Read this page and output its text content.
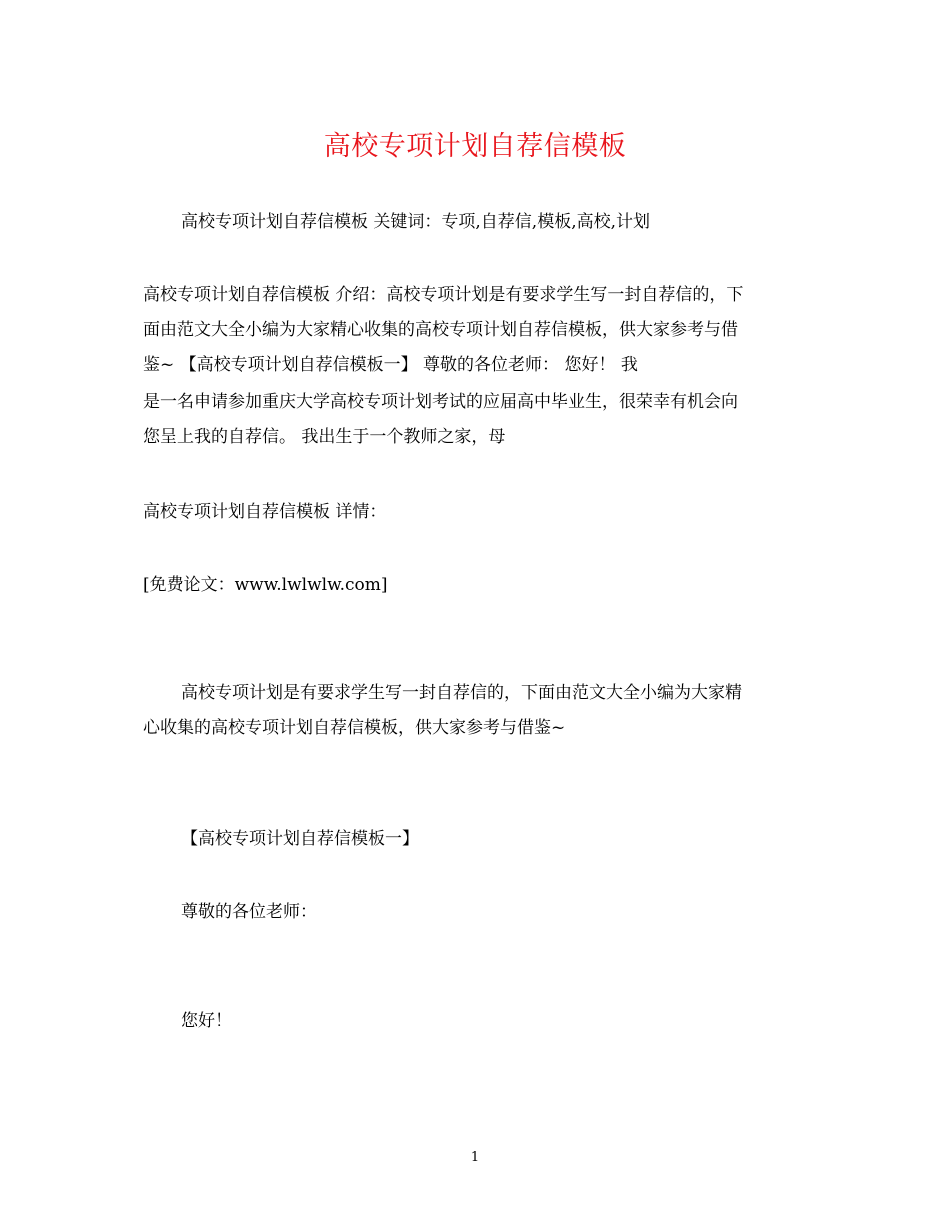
高校专项计划自荐信模板
高校专项计划自荐信模板 关键词：专项,自荐信,模板,高校,计划
高校专项计划自荐信模板 介绍：高校专项计划是有要求学生写一封自荐信的，下
面由范文大全小编为大家精心收集的高校专项计划自荐信模板，供大家参考与借
鉴~ 【高校专项计划自荐信模板一】 尊敬的各位老师： 您好！ 我
是一名申请参加重庆大学高校专项计划考试的应届高中毕业生，很荣幸有机会向
您呈上我的自荐信。 我出生于一个教师之家，母
高校专项计划自荐信模板 详情：
[免费论文：www.lwlwlw.com]
高校专项计划是有要求学生写一封自荐信的，下面由范文大全小编为大家精
心收集的高校专项计划自荐信模板，供大家参考与借鉴~
【高校专项计划自荐信模板一】
尊敬的各位老师：
您好！
1
